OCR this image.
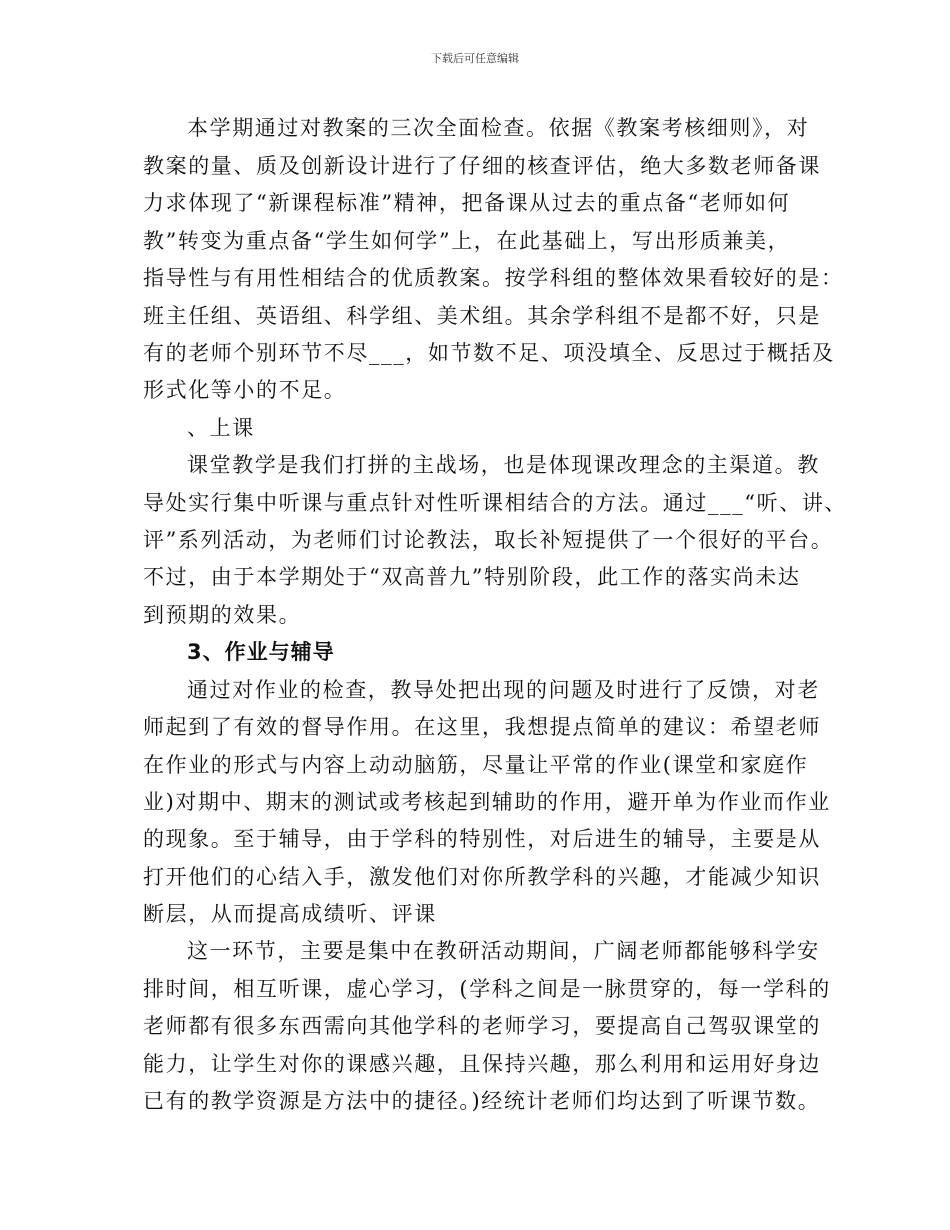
下载后可任意编辑
本学期通过对教案的三次全面检查。依据《教案考核细则》，对
教案的量、质及创新设计进行了仔细的核查评估，绝大多数老师备课
力求体现了“新课程标准”精神，把备课从过去的重点备“老师如何
教”转变为重点备“学生如何学”上，在此基础上，写出形质兼美，
指导性与有用性相结合的优质教案。按学科组的整体效果看较好的是：
班主任组、英语组、科学组、美术组。其余学科组不是都不好，只是
有的老师个别环节不尽___，如节数不足、项没填全、反思过于概括及
形式化等小的不足。
、上课
课堂教学是我们打拼的主战场，也是体现课改理念的主渠道。教
导处实行集中听课与重点针对性听课相结合的方法。通过___“听、讲、
评”系列活动，为老师们讨论教法，取长补短提供了一个很好的平台。
不过，由于本学期处于“双高普九”特别阶段，此工作的落实尚未达
到预期的效果。
3、作业与辅导
通过对作业的检查，教导处把出现的问题及时进行了反馈，对老
师起到了有效的督导作用。在这里，我想提点简单的建议：希望老师
在作业的形式与内容上动动脑筋，尽量让平常的作业(课堂和家庭作
业)对期中、期末的测试或考核起到辅助的作用，避开单为作业而作业
的现象。至于辅导，由于学科的特别性，对后进生的辅导，主要是从
打开他们的心结入手，激发他们对你所教学科的兴趣，才能减少知识
断层，从而提高成绩听、评课
这一环节，主要是集中在教研活动期间，广阔老师都能够科学安
排时间，相互听课，虚心学习，(学科之间是一脉贯穿的，每一学科的
老师都有很多东西需向其他学科的老师学习，要提高自己驾驭课堂的
能力，让学生对你的课感兴趣，且保持兴趣，那么利用和运用好身边
已有的教学资源是方法中的捷径。)经统计老师们均达到了听课节数。
